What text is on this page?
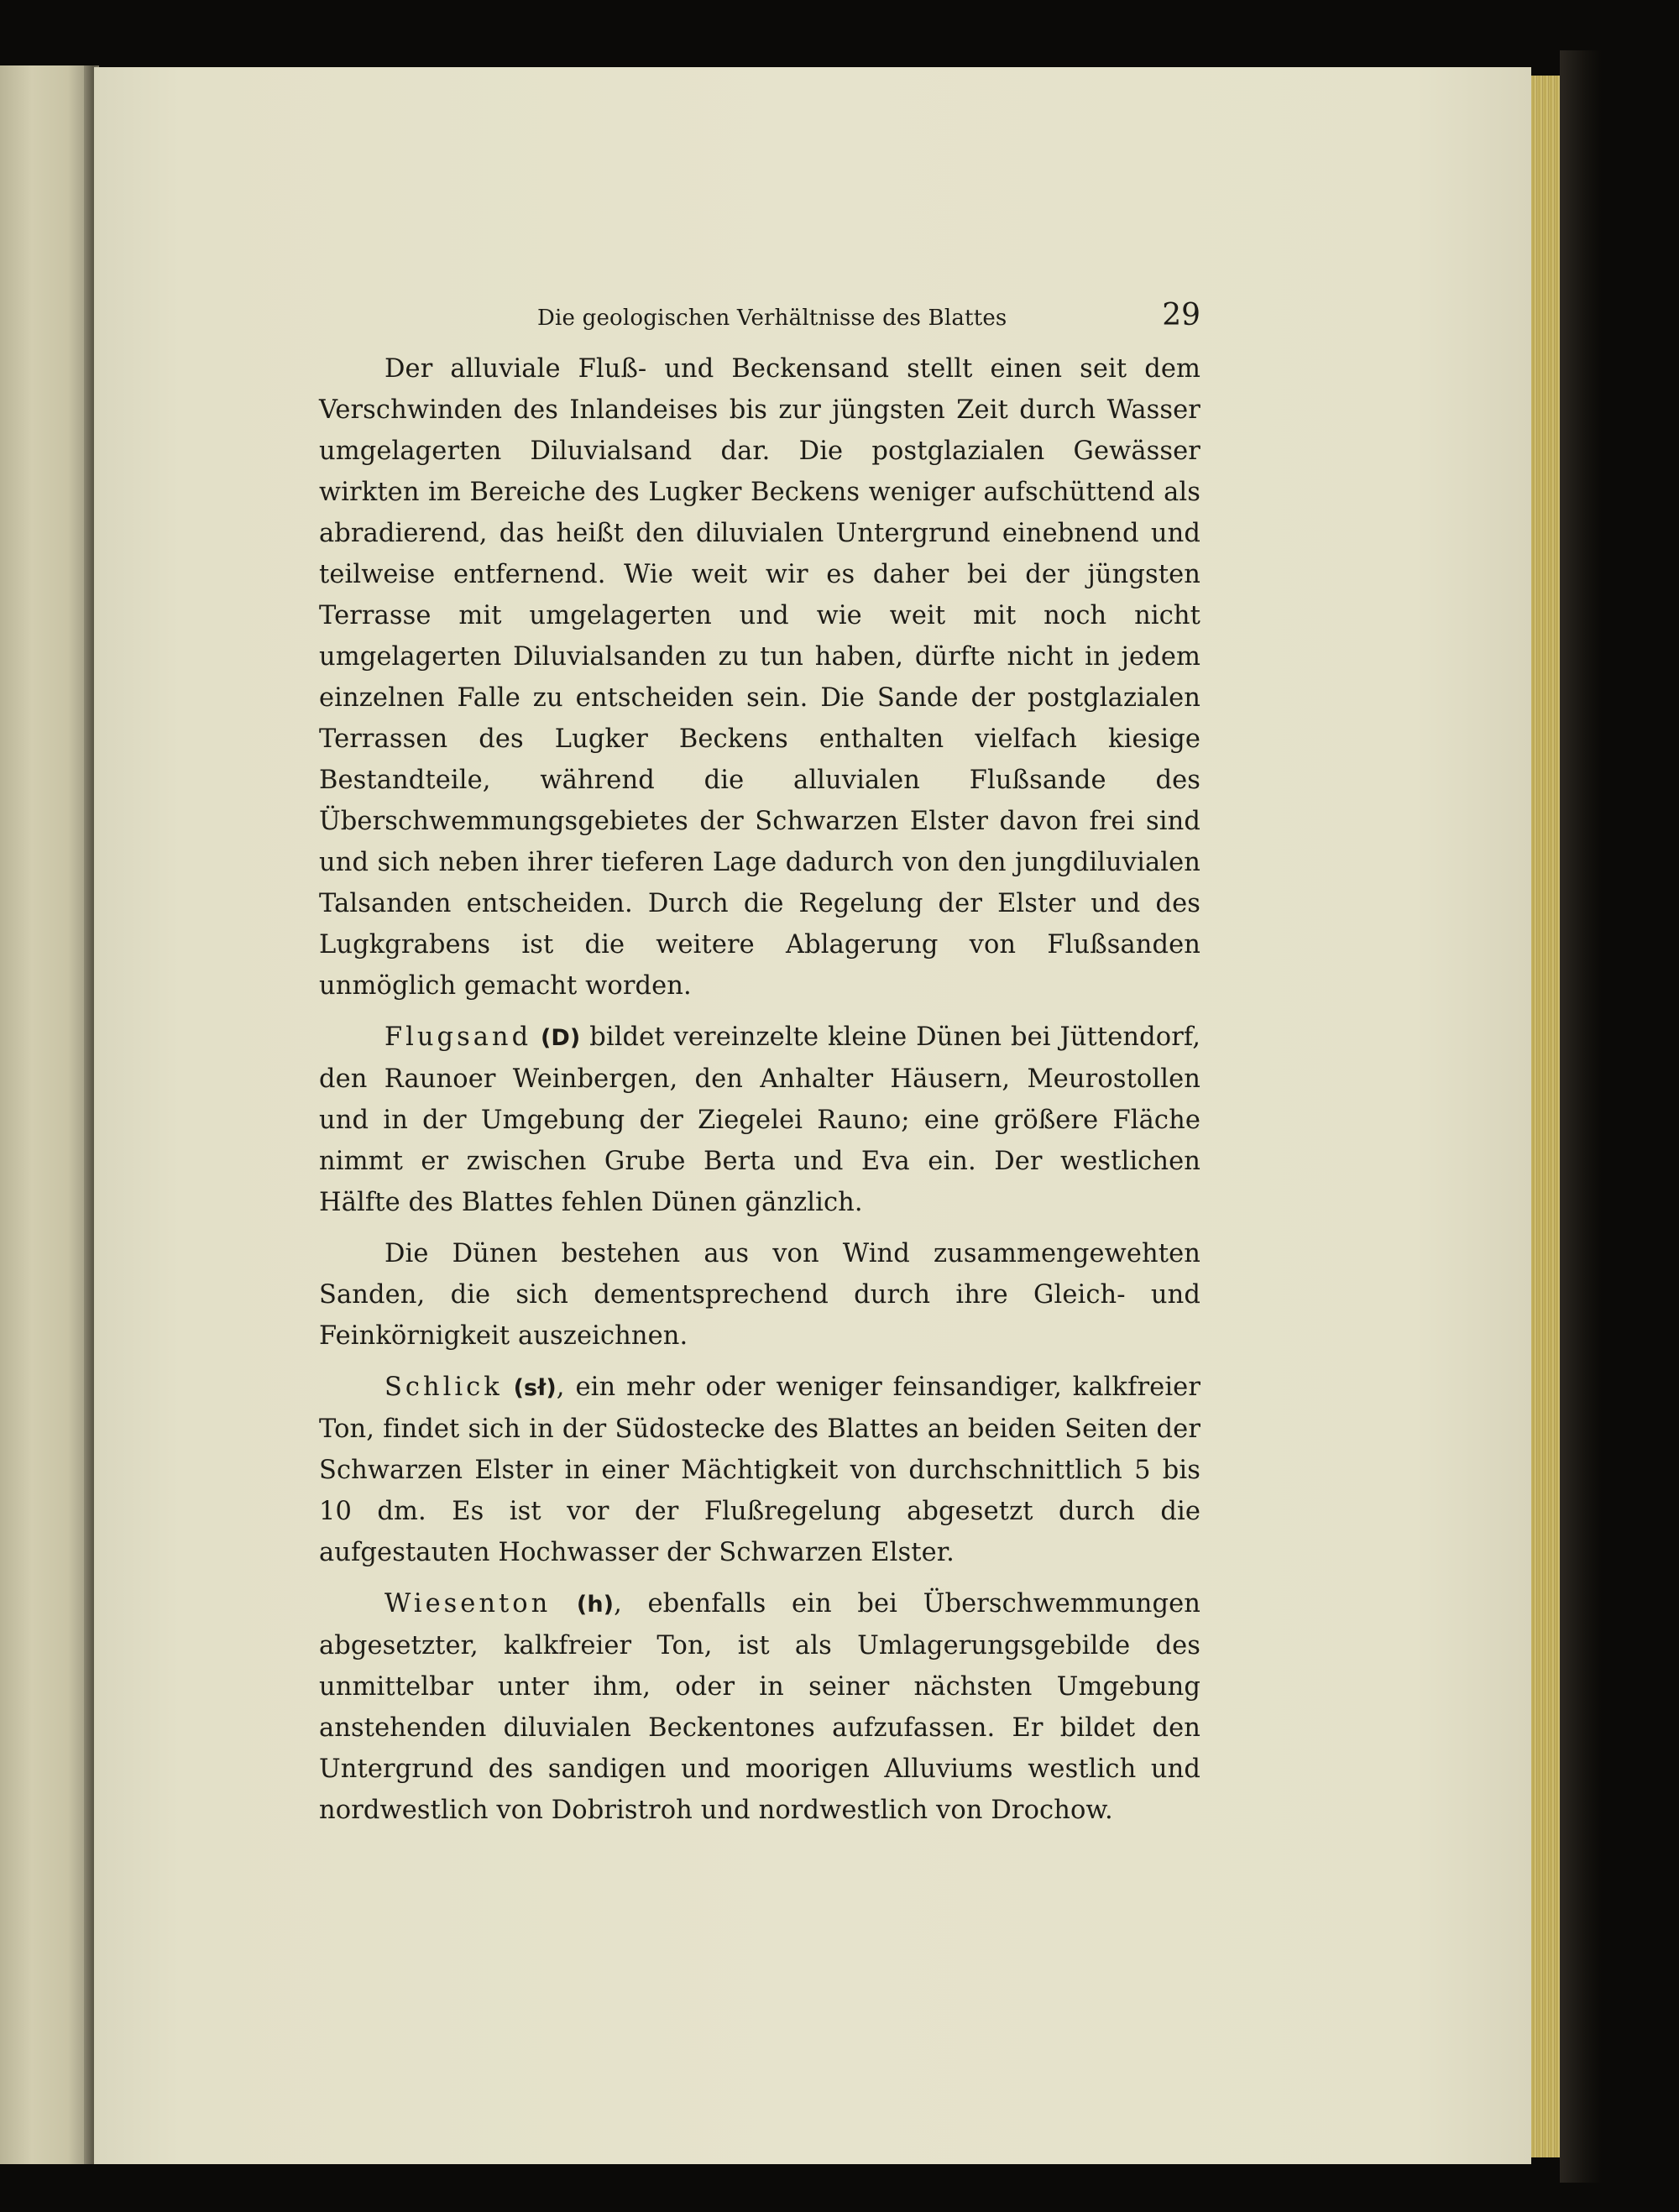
Die geologischen Verhältnisse des Blattes	29

Der alluviale Fluß- und Beckensand stellt einen seit dem Verschwinden des Inlandeises bis zur jüngsten Zeit durch Wasser umgelagerten Diluvialsand dar. Die postglazialen Gewässer wirkten im Bereiche des Lugker Beckens weniger aufschüttend als abradierend, das heißt den diluvialen Untergrund einebnend und teilweise entfernend. Wie weit wir es daher bei der jüngsten Terrasse mit umgelagerten und wie weit mit noch nicht umgelagerten Diluvialsanden zu tun haben, dürfte nicht in jedem einzelnen Falle zu entscheiden sein. Die Sande der postglazialen Terrassen des Lugker Beckens enthalten vielfach kiesige Bestandteile, während die alluvialen Flußsande des Überschwemmungsgebietes der Schwarzen Elster davon frei sind und sich neben ihrer tieferen Lage dadurch von den jungdiluvialen Talsanden entscheiden. Durch die Regelung der Elster und des Lugkgrabens ist die weitere Ablagerung von Flußsanden unmöglich gemacht worden.

Flugsand (D) bildet vereinzelte kleine Dünen bei Jüttendorf, den Raunoer Weinbergen, den Anhalter Häusern, Meurostollen und in der Umgebung der Ziegelei Rauno; eine größere Fläche nimmt er zwischen Grube Berta und Eva ein. Der westlichen Hälfte des Blattes fehlen Dünen gänzlich.

Die Dünen bestehen aus von Wind zusammengewehten Sanden, die sich dementsprechend durch ihre Gleich- und Feinkörnigkeit auszeichnen.

Schlick (sł), ein mehr oder weniger feinsandiger, kalkfreier Ton, findet sich in der Südostecke des Blattes an beiden Seiten der Schwarzen Elster in einer Mächtigkeit von durchschnittlich 5 bis 10 dm. Es ist vor der Flußregelung abgesetzt durch die aufgestauten Hochwasser der Schwarzen Elster.

Wiesenton (h), ebenfalls ein bei Überschwemmungen abgesetzter, kalkfreier Ton, ist als Umlagerungsgebilde des unmittelbar unter ihm, oder in seiner nächsten Umgebung anstehenden diluvialen Beckentones aufzufassen. Er bildet den Untergrund des sandigen und moorigen Alluviums westlich und nordwestlich von Dobristroh und nordwestlich von Drochow.
